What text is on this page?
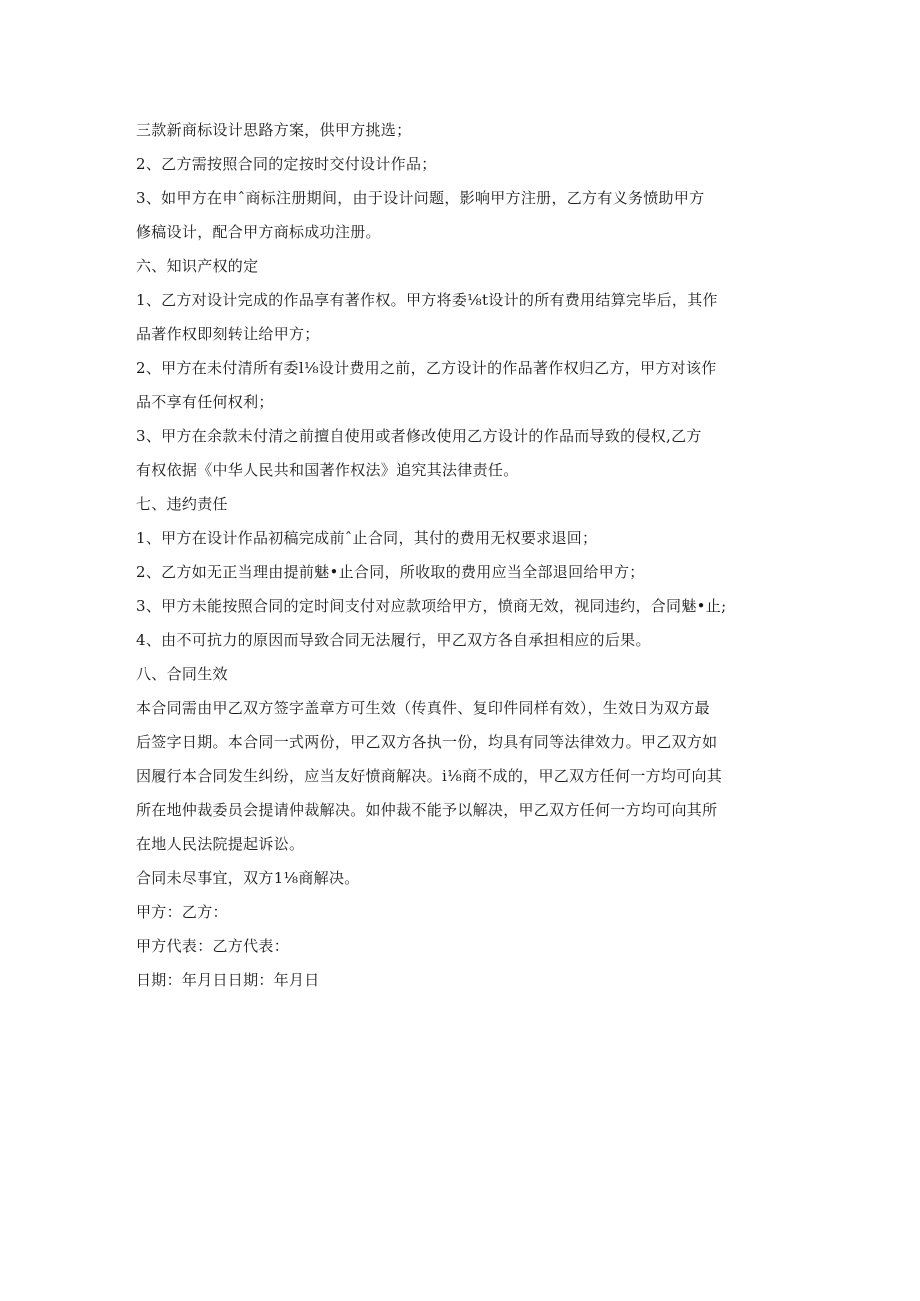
三款新商标设计思路方案，供甲方挑选；
2、乙方需按照合同的定按时交付设计作品；
3、如甲方在申ˆ商标注册期间，由于设计问题，影响甲方注册，乙方有义务愤助甲方
修稿设计，配合甲方商标成功注册。
六、知识产权的定
1、乙方对设计完成的作品享有著作权。甲方将委⅛t设计的所有费用结算完毕后，其作
品著作权即刻转让给甲方；
2、甲方在未付清所有委l⅛设计费用之前，乙方设计的作品著作权归乙方，甲方对该作
品不享有任何权利；
3、甲方在余款未付清之前擅自使用或者修改使用乙方设计的作品而导致的侵权,乙方
有权依据《中华人民共和国著作权法》追究其法律责任。
七、违约责任
1、甲方在设计作品初稿完成前ˆ止合同，其付的费用无权要求退回；
2、乙方如无正当理由提前魅•止合同，所收取的费用应当全部退回给甲方；
3、甲方未能按照合同的定时间支付对应款项给甲方，愤商无效，视同违约，合同魅•止;
4、由不可抗力的原因而导致合同无法履行，甲乙双方各自承担相应的后果。
八、合同生效
本合同需由甲乙双方签字盖章方可生效（传真件、复印件同样有效），生效日为双方最
后签字日期。本合同一式两份，甲乙双方各执一份，均具有同等法律效力。甲乙双方如
因履行本合同发生纠纷，应当友好愤商解决。i⅛商不成的，甲乙双方任何一方均可向其
所在地仲裁委员会提请仲裁解决。如仲裁不能予以解决，甲乙双方任何一方均可向其所
在地人民法院提起诉讼。
合同未尽事宜，双方1⅛商解决。
甲方：乙方：
甲方代表：乙方代表：
日期：年月日日期：年月日
